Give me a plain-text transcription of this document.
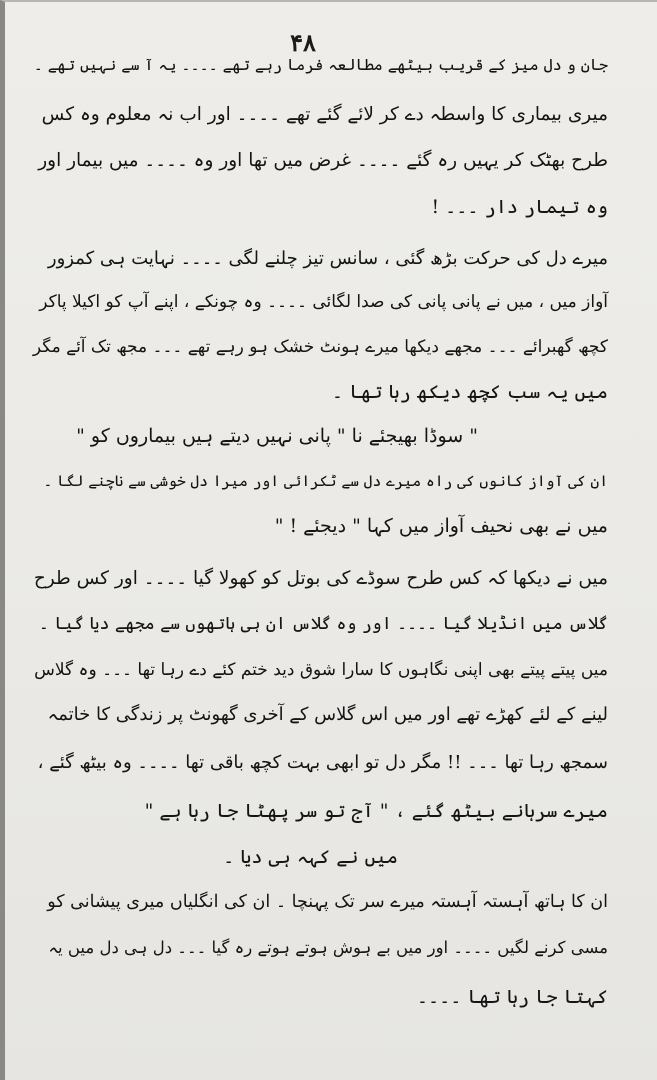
۴۸
جان و دل میز کے قریب بیٹھے مطالعہ فرما رہے تھے ۔۔۔۔ یہ آ سے نہیں تھے ۔
میری بیماری کا واسطہ دے کر لائے گئے تھے ۔۔۔۔ اور اب نہ معلوم وہ کس
طرح بھٹک کر یہیں رہ گئے ۔۔۔۔ غرض میں تھا اور وہ ۔۔۔۔ میں بیمار اور
وہ تیمار دار ۔۔۔ !
میرے دل کی حرکت بڑھ گئی ، سانس تیز چلنے لگی ۔۔۔۔ نہایت ہی کمزور
آواز میں ، میں نے پانی پانی کی صدا لگائی ۔۔۔۔ وہ چونکے ، اپنے آپ کو اکیلا پاکر
کچھ گھبرائے ۔۔۔ مجھے دیکھا میرے ہونٹ خشک ہو رہے تھے ۔۔۔ مجھ تک آئے مگر
میں یہ سب کچھ دیکھ رہا تھا ۔
" سوڈا بھیجئے نا " پانی نہیں دیتے ہیں بیماروں کو "
ان کی آواز کانوں کی راہ میرے دل سے ٹکرائی اور میرا دل خوشی سے ناچنے لگا ۔
میں نے بھی نحیف آواز میں کہا " دیجئے ! "
میں نے دیکھا کہ کس طرح سوڈے کی بوتل کو کھولا گیا ۔۔۔۔ اور کس طرح
گلاس میں انڈیلا گیا ۔۔۔۔ اور وہ گلاس ان ہی ہاتھوں سے مجھے دیا گیا ۔
میں پیتے پیتے بھی اپنی نگاہوں کا سارا شوق دید ختم کئے دے رہا تھا ۔۔۔ وہ گلاس
لینے کے لئے کھڑے تھے اور میں اس گلاس کے آخری گھونٹ پر زندگی کا خاتمہ
سمجھ رہا تھا ۔۔۔ !! مگر دل تو ابھی بہت کچھ باقی تھا ۔۔۔۔ وہ بیٹھ گئے ،
میرے سرہانے بیٹھ گئے ، " آج تو سر پھٹا جا رہا ہے "
میں نے کہہ ہی دیا ۔
ان کا ہاتھ آہستہ آہستہ میرے سر تک پہنچا ۔ ان کی انگلیاں میری پیشانی کو
مسی کرنے لگیں ۔۔۔۔ اور میں بے ہوش ہوتے ہوتے رہ گیا ۔۔۔ دل ہی دل میں یہ
کہتا جا رہا تھا ۔۔۔۔
